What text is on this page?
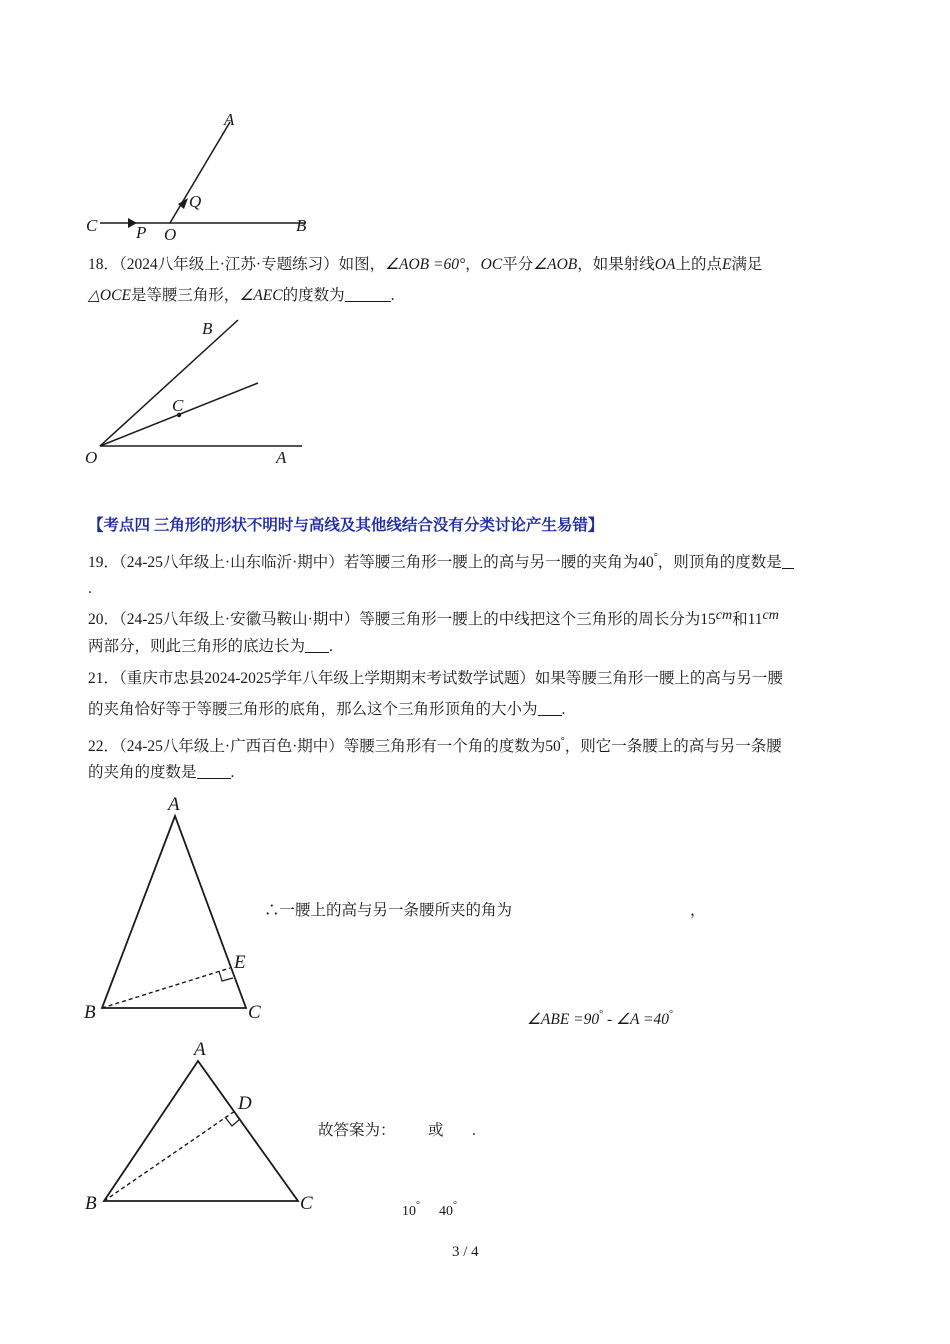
A
Q
C P O	B
18．（2024八年级上·江苏·专题练习）如图，∠AOB =60°，OC平分∠AOB，如果射线OA上的点E满足
△OCE是等腰三角形，∠AEC的度数为	.
B
C
O	A
【考点四 三角形的形状不明时与高线及其他线结合没有分类讨论产生易错】
19．（24-25八年级上·山东临沂·期中）若等腰三角形一腰上的高与另一腰的夹角为40°，则顶角的度数是
.
20．（24-25八年级上·安徽马鞍山·期中）等腰三角形一腰上的中线把这个三角形的周长分为15cm和11cm
两部分，则此三角形的底边长为 .
21．（重庆市忠县2024-2025学年八年级上学期期末考试数学试题）如果等腰三角形一腰上的高与另一腰
的夹角恰好等于等腰三角形的底角，那么这个三角形顶角的大小为 .
22．（24-25八年级上·广西百色·期中）等腰三角形有一个角的度数为50°，则它一条腰上的高与另一条腰
的夹角的度数是 .
A
E
B	C
∴一腰上的高与另一条腰所夹的角为	，
∠ABE =90° - ∠A =40°
A
D
B	C
故答案为： 或 .
10° 40°
3 / 4
